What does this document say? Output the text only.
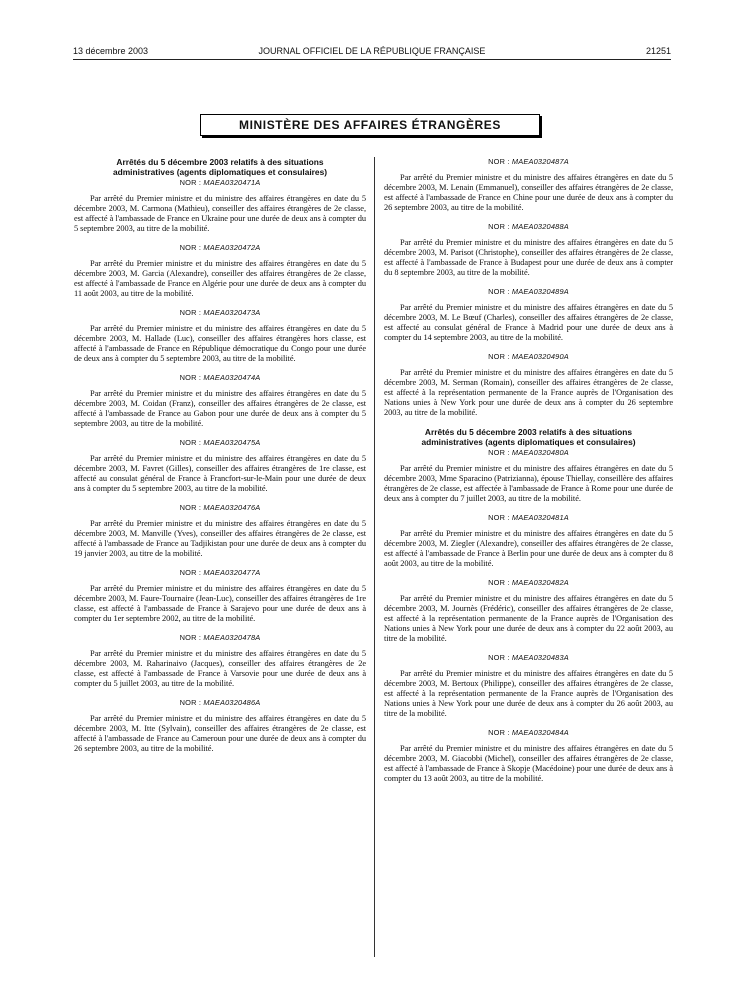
13 décembre 2003	JOURNAL OFFICIEL DE LA RÉPUBLIQUE FRANÇAISE	21251
MINISTÈRE DES AFFAIRES ÉTRANGÈRES
Arrêtés du 5 décembre 2003 relatifs à des situations administratives (agents diplomatiques et consulaires)
NOR : MAEA0320471A

Par arrêté du Premier ministre et du ministre des affaires étrangères en date du 5 décembre 2003, M. Carmona (Mathieu), conseiller des affaires étrangères de 2e classe, est affecté à l'ambassade de France en Ukraine pour une durée de deux ans à compter du 5 septembre 2003, au titre de la mobilité.

NOR : MAEA0320472A

Par arrêté du Premier ministre et du ministre des affaires étrangères en date du 5 décembre 2003, M. Garcia (Alexandre), conseiller des affaires étrangères de 2e classe, est affecté à l'ambassade de France en Algérie pour une durée de deux ans à compter du 11 août 2003, au titre de la mobilité.

NOR : MAEA0320473A

Par arrêté du Premier ministre et du ministre des affaires étrangères en date du 5 décembre 2003, M. Hallade (Luc), conseiller des affaires étrangères hors classe, est affecté à l'ambassade de France en République démocratique du Congo pour une durée de deux ans à compter du 5 septembre 2003, au titre de la mobilité.

NOR : MAEA0320474A

Par arrêté du Premier ministre et du ministre des affaires étrangères en date du 5 décembre 2003, M. Coidan (Franz), conseiller des affaires étrangères de 2e classe, est affecté à l'ambassade de France au Gabon pour une durée de deux ans à compter du 5 septembre 2003, au titre de la mobilité.

NOR : MAEA0320475A

Par arrêté du Premier ministre et du ministre des affaires étrangères en date du 5 décembre 2003, M. Favret (Gilles), conseiller des affaires étrangères de 1re classe, est affecté au consulat général de France à Francfort-sur-le-Main pour une durée de deux ans à compter du 5 septembre 2003, au titre de la mobilité.

NOR : MAEA0320476A

Par arrêté du Premier ministre et du ministre des affaires étrangères en date du 5 décembre 2003, M. Manville (Yves), conseiller des affaires étrangères de 2e classe, est affecté à l'ambassade de France au Tadjikistan pour une durée de deux ans à compter du 19 janvier 2003, au titre de la mobilité.

NOR : MAEA0320477A

Par arrêté du Premier ministre et du ministre des affaires étrangères en date du 5 décembre 2003, M. Faure-Tournaire (Jean-Luc), conseiller des affaires étrangères de 1re classe, est affecté à l'ambassade de France à Sarajevo pour une durée de deux ans à compter du 1er septembre 2002, au titre de la mobilité.

NOR : MAEA0320478A

Par arrêté du Premier ministre et du ministre des affaires étrangères en date du 5 décembre 2003, M. Raharinaivo (Jacques), conseiller des affaires étrangères de 2e classe, est affecté à l'ambassade de France à Varsovie pour une durée de deux ans à compter du 5 juillet 2003, au titre de la mobilité.

NOR : MAEA0320486A

Par arrêté du Premier ministre et du ministre des affaires étrangères en date du 5 décembre 2003, M. Itte (Sylvain), conseiller des affaires étrangères de 2e classe, est affecté à l'ambassade de France au Cameroun pour une durée de deux ans à compter du 26 septembre 2003, au titre de la mobilité.

NOR : MAEA0320487A

Par arrêté du Premier ministre et du ministre des affaires étrangères en date du 5 décembre 2003, M. Lenain (Emmanuel), conseiller des affaires étrangères de 2e classe, est affecté à l'ambassade de France en Chine pour une durée de deux ans à compter du 26 septembre 2003, au titre de la mobilité.

NOR : MAEA0320488A

Par arrêté du Premier ministre et du ministre des affaires étrangères en date du 5 décembre 2003, M. Parisot (Christophe), conseiller des affaires étrangères de 2e classe, est affecté à l'ambassade de France à Budapest pour une durée de deux ans à compter du 8 septembre 2003, au titre de la mobilité.

NOR : MAEA0320489A

Par arrêté du Premier ministre et du ministre des affaires étrangères en date du 5 décembre 2003, M. Le Bœuf (Charles), conseiller des affaires étrangères de 2e classe, est affecté au consulat général de France à Madrid pour une durée de deux ans à compter du 14 septembre 2003, au titre de la mobilité.

NOR : MAEA0320490A

Par arrêté du Premier ministre et du ministre des affaires étrangères en date du 5 décembre 2003, M. Serman (Romain), conseiller des affaires étrangères de 2e classe, est affecté à la représentation permanente de la France auprès de l'Organisation des Nations unies à New York pour une durée de deux ans à compter du 26 septembre 2003, au titre de la mobilité.

Arrêtés du 5 décembre 2003 relatifs à des situations administratives (agents diplomatiques et consulaires)
NOR : MAEA0320480A

Par arrêté du Premier ministre et du ministre des affaires étrangères en date du 5 décembre 2003, Mme Sparacino (Patrizianna), épouse Thiellay, conseillère des affaires étrangères de 2e classe, est affectée à l'ambassade de France à Rome pour une durée de deux ans à compter du 7 juillet 2003, au titre de la mobilité.

NOR : MAEA0320481A

Par arrêté du Premier ministre et du ministre des affaires étrangères en date du 5 décembre 2003, M. Ziegler (Alexandre), conseiller des affaires étrangères de 2e classe, est affecté à l'ambassade de France à Berlin pour une durée de deux ans à compter du 8 août 2003, au titre de la mobilité.

NOR : MAEA0320482A

Par arrêté du Premier ministre et du ministre des affaires étrangères en date du 5 décembre 2003, M. Journès (Frédéric), conseiller des affaires étrangères de 2e classe, est affecté à la représentation permanente de la France auprès de l'Organisation des Nations unies à New York pour une durée de deux ans à compter du 22 août 2003, au titre de la mobilité.

NOR : MAEA0320483A

Par arrêté du Premier ministre et du ministre des affaires étrangères en date du 5 décembre 2003, M. Bertoux (Philippe), conseiller des affaires étrangères de 2e classe, est affecté à la représentation permanente de la France auprès de l'Organisation des Nations unies à New York pour une durée de deux ans à compter du 26 août 2003, au titre de la mobilité.

NOR : MAEA0320484A

Par arrêté du Premier ministre et du ministre des affaires étrangères en date du 5 décembre 2003, M. Giacobbi (Michel), conseiller des affaires étrangères de 2e classe, est affecté à l'ambassade de France à Skopje (Macédoine) pour une durée de deux ans à compter du 13 août 2003, au titre de la mobilité.
